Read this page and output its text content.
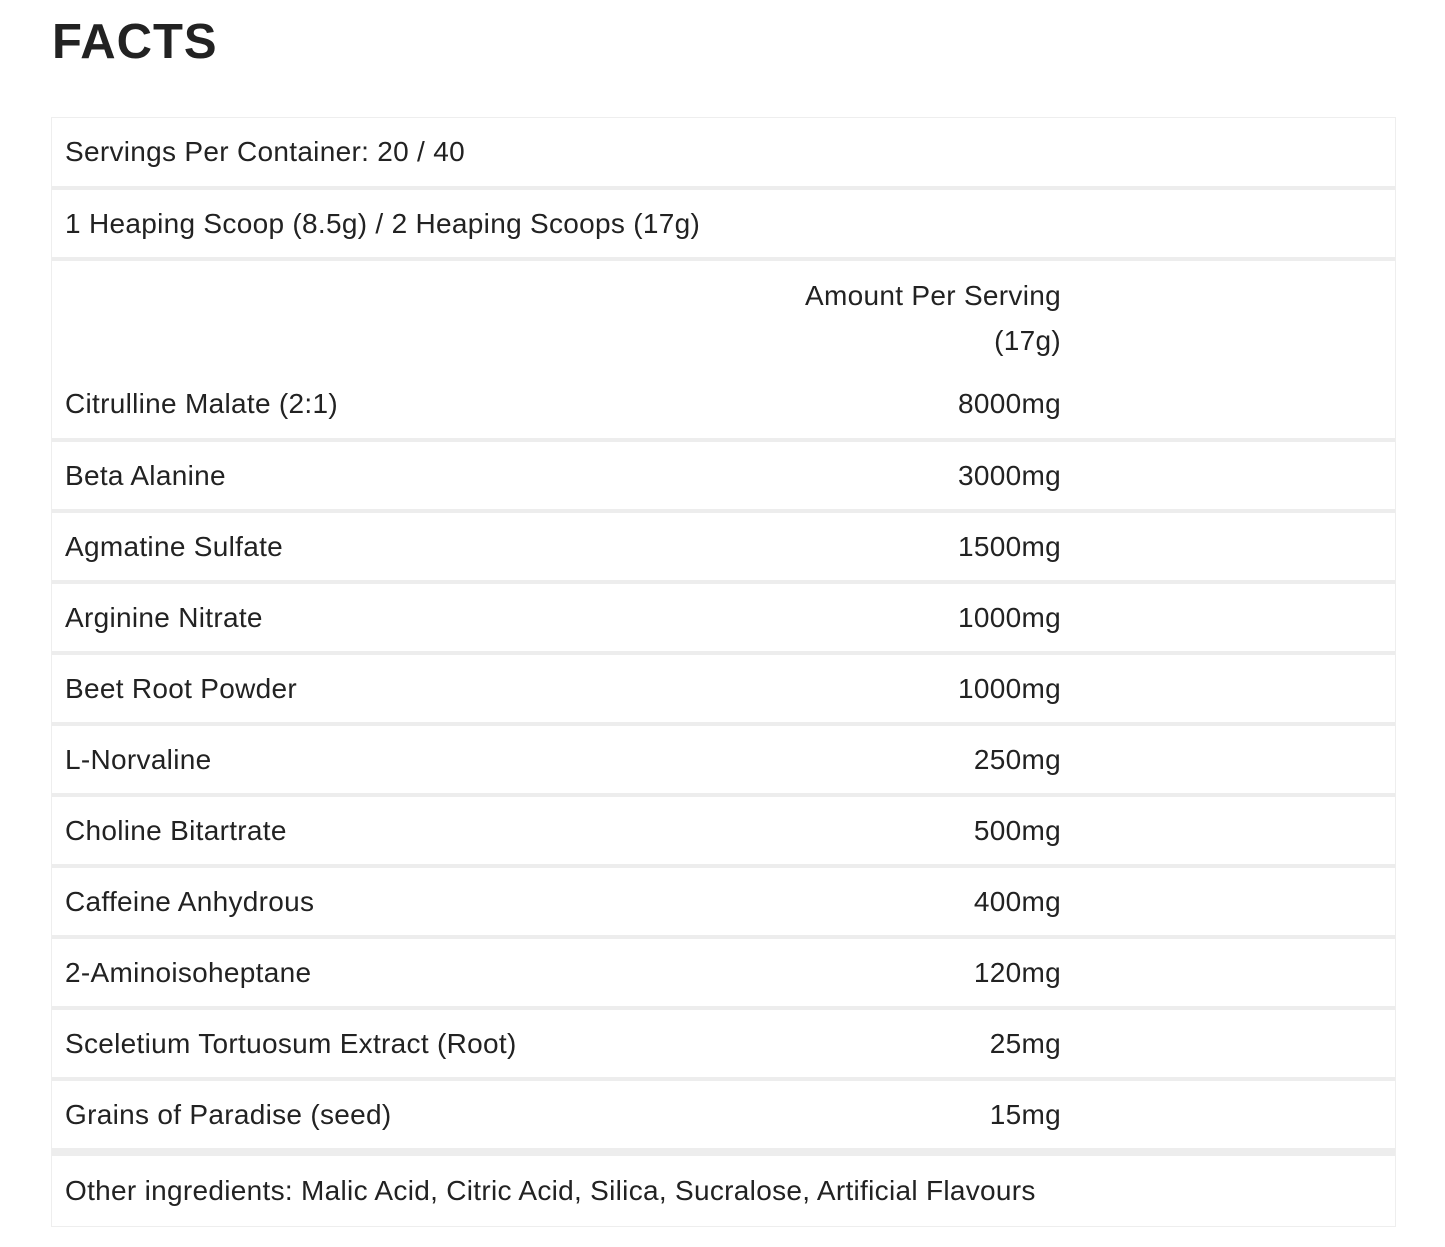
FACTS
Servings Per Container: 20 / 40
1 Heaping Scoop (8.5g) / 2 Heaping Scoops (17g)
Amount Per Serving
(17g)
Citrulline Malate (2:1)	8000mg
Beta Alanine	3000mg
Agmatine Sulfate	1500mg
Arginine Nitrate	1000mg
Beet Root Powder	1000mg
L-Norvaline	250mg
Choline Bitartrate	500mg
Caffeine Anhydrous	400mg
2-Aminoisoheptane	120mg
Sceletium Tortuosum Extract (Root)	25mg
Grains of Paradise (seed)	15mg
Other ingredients: Malic Acid, Citric Acid, Silica, Sucralose, Artificial Flavours
